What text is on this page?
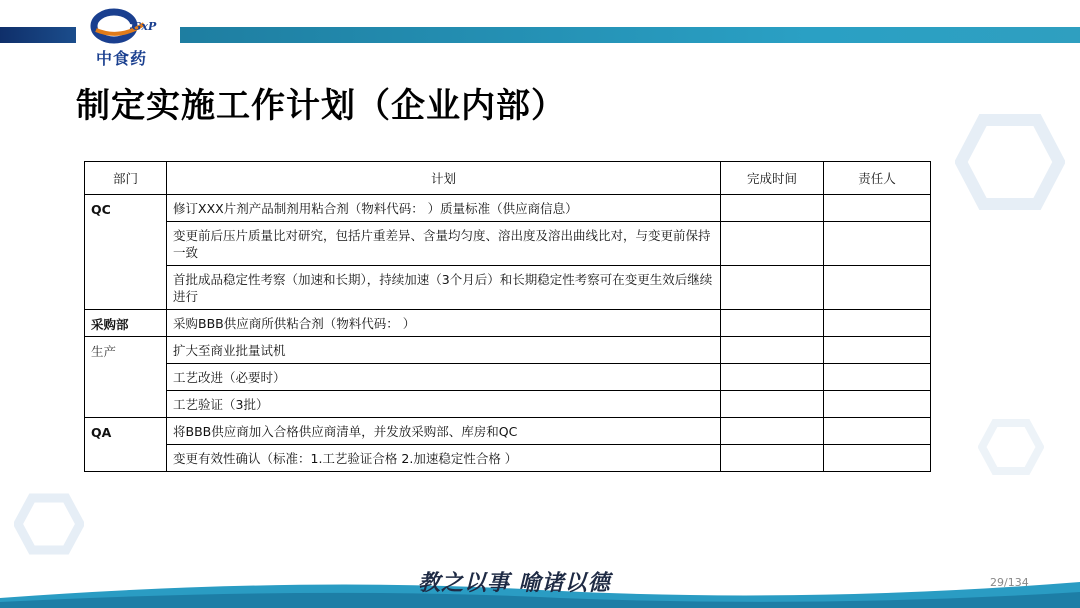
GxP
中食药
制定实施工作计划（企业内部）
部门	计划	完成时间	责任人
QC	修订XXX片剂产品制剂用粘合剂（物料代码： ）质量标准（供应商信息）		
	变更前后压片质量比对研究，包括片重差异、含量均匀度、溶出度及溶出曲线比对，与变更前保持一致		
	首批成品稳定性考察（加速和长期），持续加速（3个月后）和长期稳定性考察可在变更生效后继续进行		
采购部	采购BBB供应商所供粘合剂（物料代码： ）		
生产	扩大至商业批量试机		
	工艺改进（必要时）		
	工艺验证（3批）		
QA	将BBB供应商加入合格供应商清单，并发放采购部、库房和QC		
	变更有效性确认（标准：1.工艺验证合格 2.加速稳定性合格 ）		
教之以事 喻诸以德	29/134
